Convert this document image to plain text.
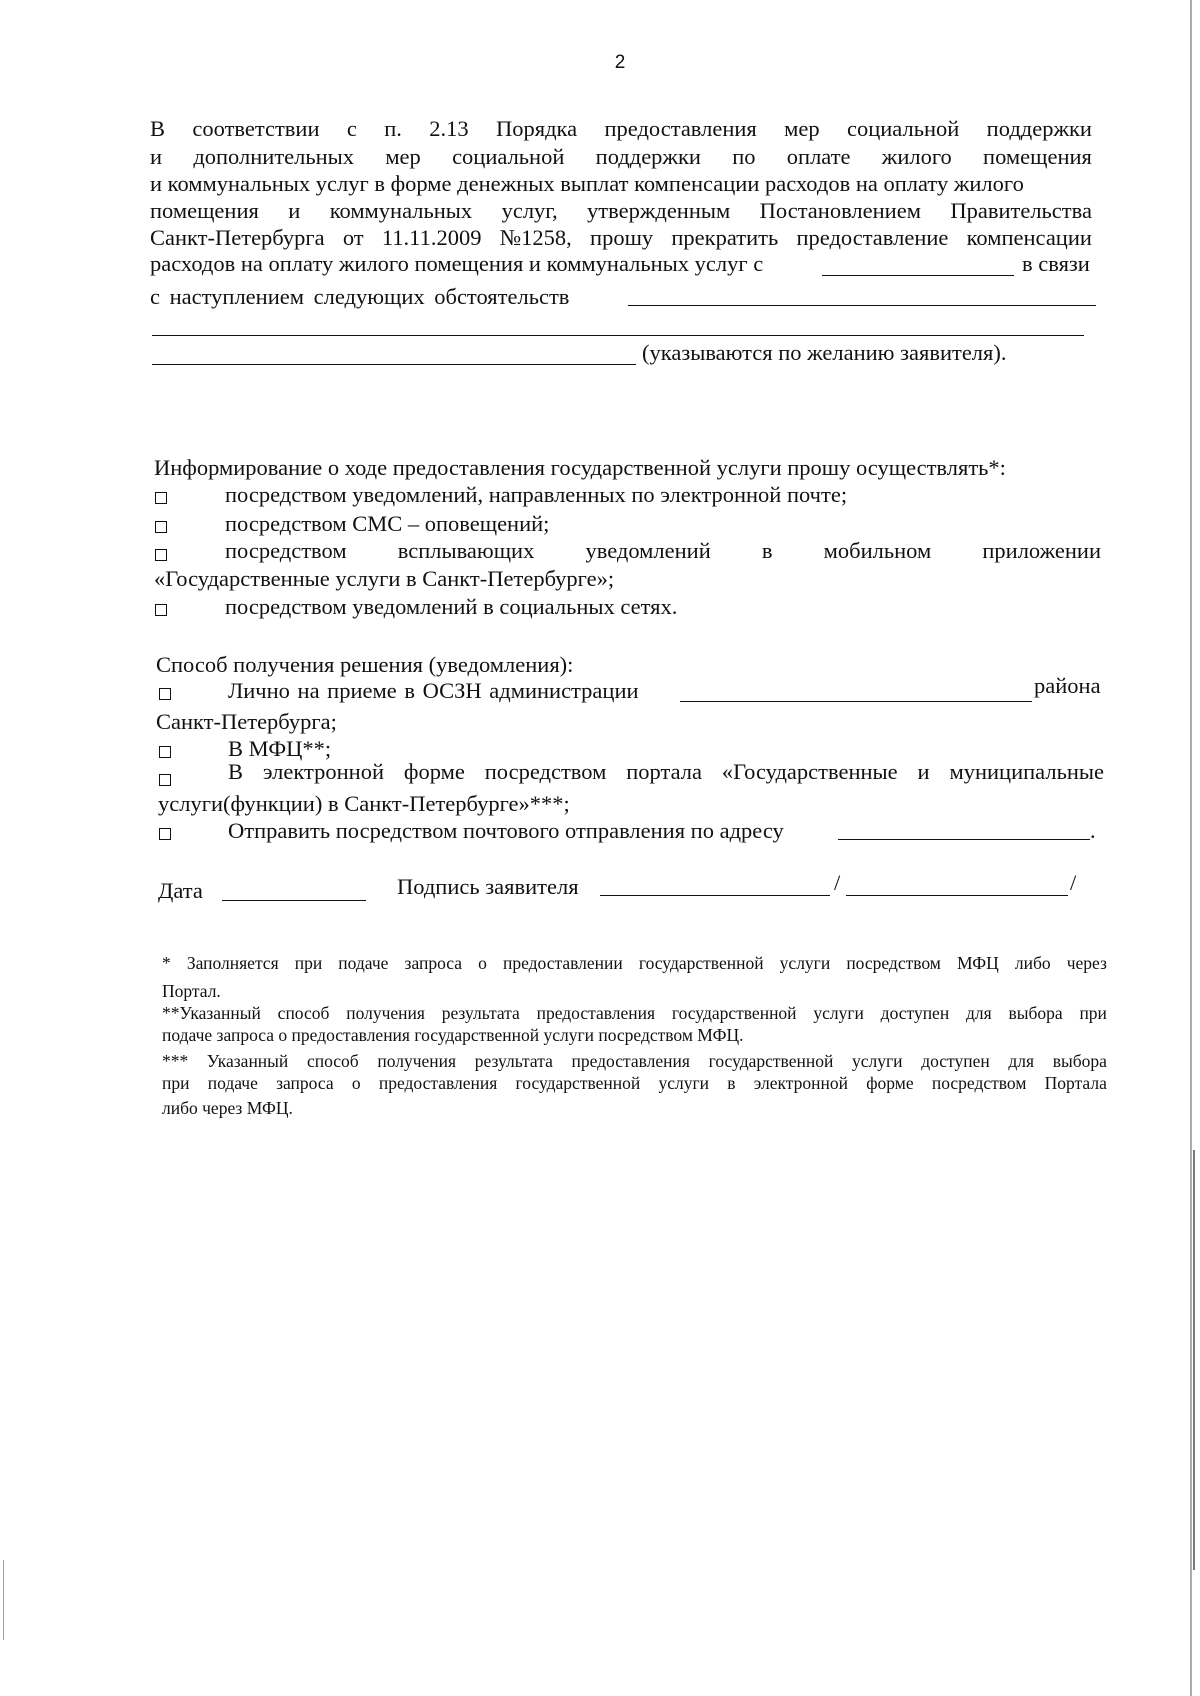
2
В соответствии с п. 2.13 Порядка предоставления мер социальной поддержки
и дополнительных мер социальной поддержки по оплате жилого помещения
и коммунальных услуг в форме денежных выплат компенсации расходов на оплату жилого
помещения и коммунальных услуг, утвержденным Постановлением Правительства
Санкт-Петербурга от 11.11.2009 №1258, прошу прекратить предоставление компенсации
расходов на оплату жилого помещения и коммунальных услуг с	в связи
с наступлением следующих обстоятельств
(указываются по желанию заявителя).
Информирование о ходе предоставления государственной услуги прошу осуществлять*:
посредством уведомлений, направленных по электронной почте;
посредством СМС – оповещений;
посредством всплывающих уведомлений в мобильном приложении
«Государственные услуги в Санкт-Петербурге»;
посредством уведомлений в социальных сетях.
Способ получения решения (уведомления):
Лично на приеме в ОСЗН администрации	района
Санкт-Петербурга;
В МФЦ**;
В электронной форме посредством портала «Государственные и муниципальные
услуги(функции) в Санкт-Петербурге»***;
Отправить посредством почтового отправления по адресу	.
Дата	Подпись заявителя	/	/
* Заполняется при подаче запроса о предоставлении государственной услуги посредством МФЦ либо через
Портал.
**Указанный способ получения результата предоставления государственной услуги доступен для выбора при
подаче запроса о предоставления государственной услуги посредством МФЦ.
*** Указанный способ получения результата предоставления государственной услуги доступен для выбора
при подаче запроса о предоставления государственной услуги в электронной форме посредством Портала
либо через МФЦ.
